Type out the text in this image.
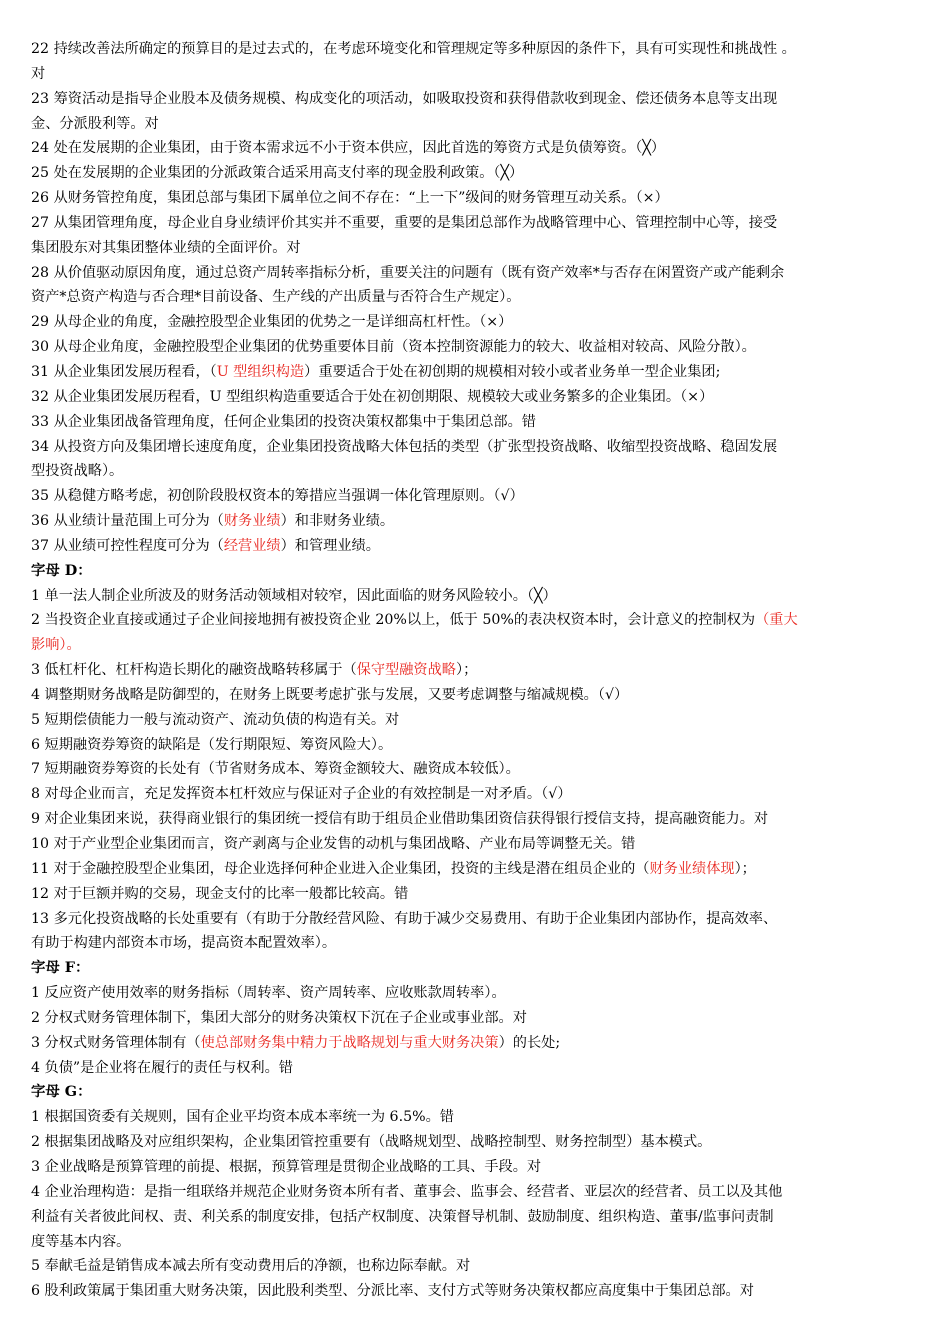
22 持续改善法所确定的预算目的是过去式的，在考虑环境变化和管理规定等多种原因的条件下，具有可实现性和挑战性 。
对
23 筹资活动是指导企业股本及债务规模、构成变化的项活动，如吸取投资和获得借款收到现金、偿还债务本息等支出现
金、分派股利等。对
24 处在发展期的企业集团，由于资本需求远不小于资本供应，因此首选的筹资方式是负债筹资。（╳）
25 处在发展期的企业集团的分派政策合适采用高支付率的现金股利政策。（╳）
26 从财务管控角度，集团总部与集团下属单位之间不存在：“上一下”级间的财务管理互动关系。（×）
27 从集团管理角度，母企业自身业绩评价其实并不重要，重要的是集团总部作为战略管理中心、管理控制中心等，接受
集团股东对其集团整体业绩的全面评价。对
28 从价值驱动原因角度，通过总资产周转率指标分析，重要关注的问题有（既有资产效率*与否存在闲置资产或产能剩余
资产*总资产构造与否合理*目前设备、生产线的产出质量与否符合生产规定）。
29 从母企业的角度，金融控股型企业集团的优势之一是详细高杠杆性。（×）
30 从母企业角度，金融控股型企业集团的优势重要体目前（资本控制资源能力的较大、收益相对较高、风险分散）。
31 从企业集团发展历程看，（U 型组织构造）重要适合于处在初创期的规模相对较小或者业务单一型企业集团;
32 从企业集团发展历程看，U 型组织构造重要适合于处在初创期限、规模较大或业务繁多的企业集团。（×）
33 从企业集团战备管理角度，任何企业集团的投资决策权都集中于集团总部。错
34 从投资方向及集团增长速度角度，企业集团投资战略大体包括的类型（扩张型投资战略、收缩型投资战略、稳固发展
型投资战略）。
35 从稳健方略考虑，初创阶段股权资本的筹措应当强调一体化管理原则。（√）
36 从业绩计量范围上可分为（财务业绩）和非财务业绩。
37 从业绩可控性程度可分为（经营业绩）和管理业绩。
字母 D：
1 单一法人制企业所波及的财务活动领域相对较窄，因此面临的财务风险较小。（╳）
2 当投资企业直接或通过子企业间接地拥有被投资企业 20%以上，低于 50%的表决权资本时，会计意义的控制权为（重大
影响）。
3 低杠杆化、杠杆构造长期化的融资战略转移属于（保守型融资战略）；
4 调整期财务战略是防御型的，在财务上既要考虑扩张与发展，又要考虑调整与缩减规模。（√）
5 短期偿债能力一般与流动资产、流动负债的构造有关。对
6 短期融资券筹资的缺陷是（发行期限短、筹资风险大）。
7 短期融资券筹资的长处有（节省财务成本、筹资金额较大、融资成本较低）。
8 对母企业而言，充足发挥资本杠杆效应与保证对子企业的有效控制是一对矛盾。（√）
9 对企业集团来说，获得商业银行的集团统一授信有助于组员企业借助集团资信获得银行授信支持，提高融资能力。对
10 对于产业型企业集团而言，资产剥离与企业发售的动机与集团战略、产业布局等调整无关。错
11 对于金融控股型企业集团，母企业选择何种企业进入企业集团，投资的主线是潜在组员企业的（财务业绩体现）；
12 对于巨额并购的交易，现金支付的比率一般都比较高。错
13 多元化投资战略的长处重要有（有助于分散经营风险、有助于减少交易费用、有助于企业集团内部协作，提高效率、
有助于构建内部资本市场，提高资本配置效率）。
字母 F：
1 反应资产使用效率的财务指标（周转率、资产周转率、应收账款周转率）。
2 分权式财务管理体制下，集团大部分的财务决策权下沉在子企业或事业部。对
3 分权式财务管理体制有（使总部财务集中精力于战略规划与重大财务决策）的长处;
4 负债”是企业将在履行的责任与权利。错
字母 G：
1 根据国资委有关规则，国有企业平均资本成本率统一为 6.5%。错
2 根据集团战略及对应组织架构，企业集团管控重要有（战略规划型、战略控制型、财务控制型）基本模式。
3 企业战略是预算管理的前提、根据，预算管理是贯彻企业战略的工具、手段。对
4 企业治理构造：是指一组联络并规范企业财务资本所有者、董事会、监事会、经营者、亚层次的经营者、员工以及其他
利益有关者彼此间权、责、利关系的制度安排，包括产权制度、决策督导机制、鼓励制度、组织构造、董事/监事问责制
度等基本内容。
5 奉献毛益是销售成本减去所有变动费用后的净额，也称边际奉献。对
6 股利政策属于集团重大财务决策，因此股利类型、分派比率、支付方式等财务决策权都应高度集中于集团总部。对
